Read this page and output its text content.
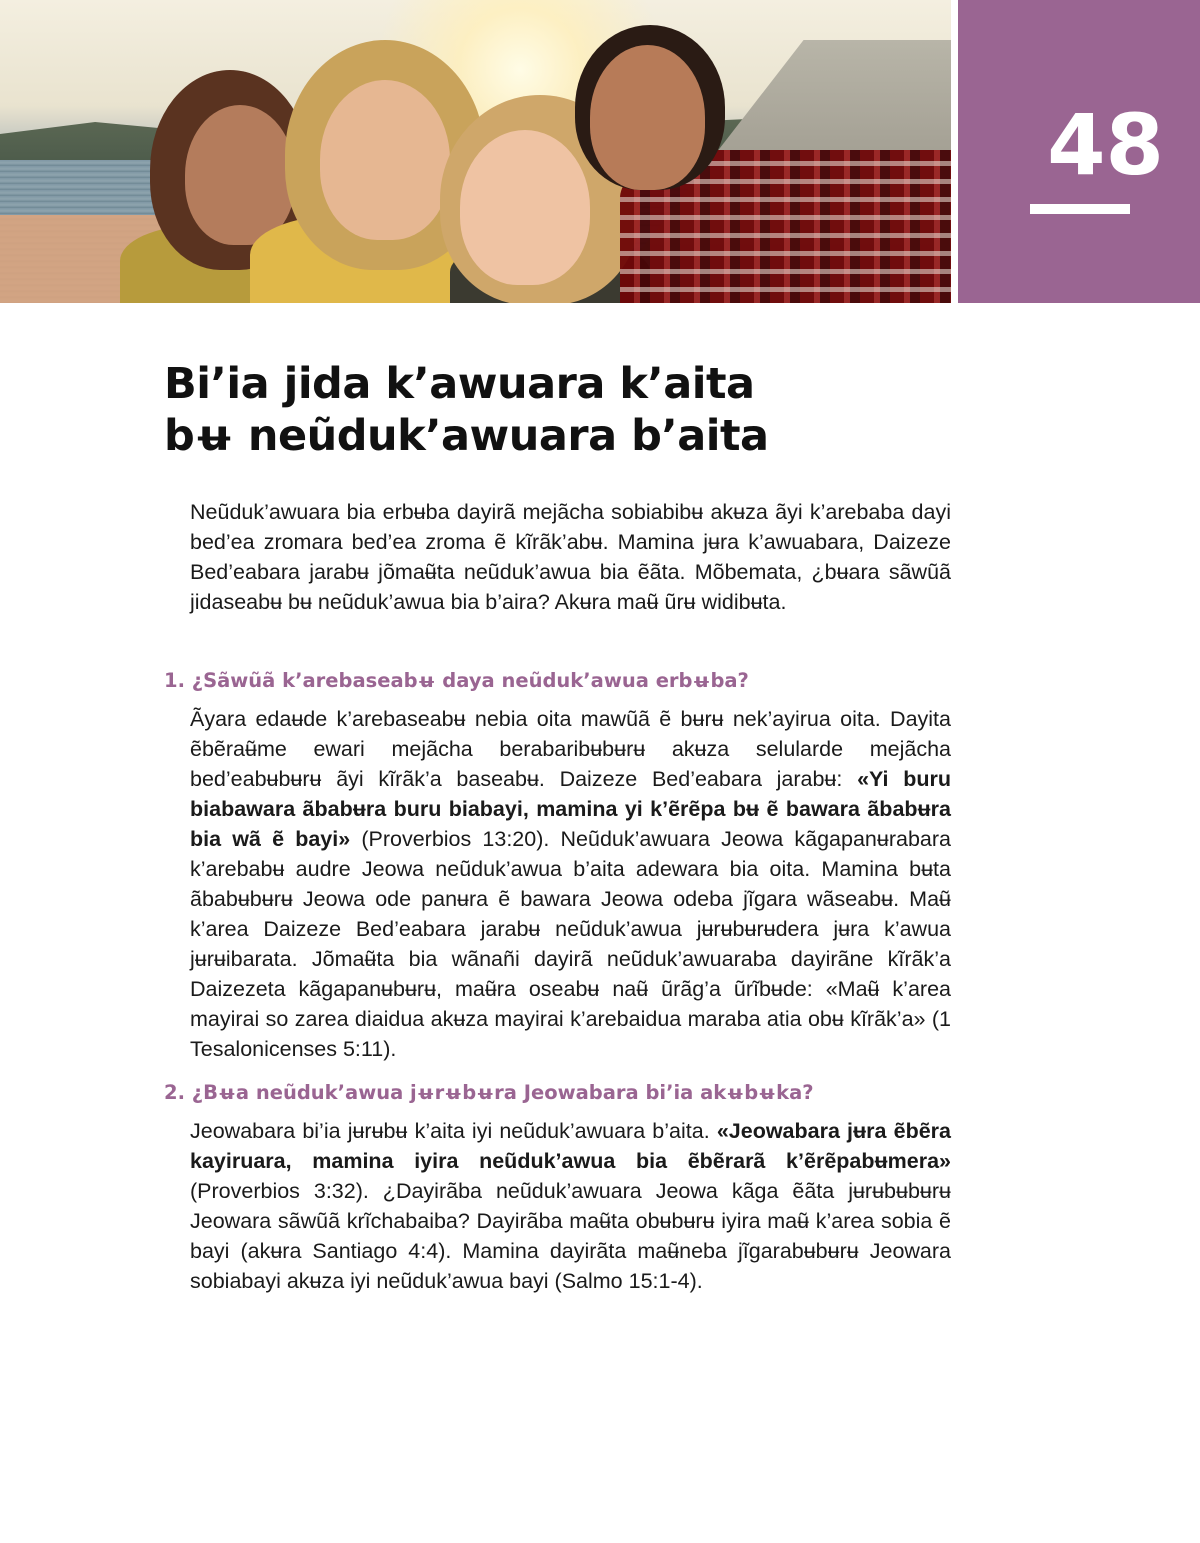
48
Bi’ia jida k’awuara k’aita
bʉ neũduk’awuara b’aita

Neũduk’awuara bia erbʉba dayirã mejãcha sobiabibʉ akʉza ãyi k’arebaba dayi bed’ea zromara bed’ea zroma ẽ kĩrãk’abʉ. Mamina jʉra k’awuabara, Daizeze Bed’eabara jarabʉ jõmaʉ̃ta neũduk’awua bia ẽãta. Mõbemata, ¿bʉara sãwũã jidaseabʉ bʉ neũduk’awua bia b’aira? Akʉra maʉ̃ ũrʉ widibʉta.

1. ¿Sãwũã k’arebaseabʉ daya neũduk’awua erbʉba?

Ãyara edaʉde k’arebaseabʉ nebia oita mawũã ẽ bʉrʉ nek’ayirua oita. Dayita ẽbẽraʉ̃me ewari mejãcha berabaribʉbʉrʉ akʉza selularde mejãcha bed’eabʉbʉrʉ ãyi kĩrãk’a baseabʉ. Daizeze Bed’eabara jarabʉ: «Yi buru biabawara ãbabʉra buru biabayi, mamina yi k’ẽrẽpa bʉ ẽ bawara ãbabʉra bia wã ẽ bayi» (Proverbios 13:20). Neũduk’awuara Jeowa kãgapanʉrabara k’arebabʉ audre Jeowa neũduk’awua b’aita adewara bia oita. Mamina bʉta ãbabʉbʉrʉ Jeowa ode panʉra ẽ bawara Jeowa odeba jĩgara wãseabʉ. Maʉ̃ k’area Daizeze Bed’eabara jarabʉ neũduk’awua jʉrʉbʉrʉdera jʉra k’awua jʉrʉibarata. Jõmaʉ̃ta bia wãnañi dayirã neũduk’awuaraba dayirãne kĩrãk’a Daizezeta kãgapanʉbʉrʉ, maʉ̃ra oseabʉ naʉ̃ ũrãg’a ũrĩbʉde: «Maʉ̃ k’area mayirai so zarea diaidua akʉza mayirai k’arebaidua maraba atia obʉ kĩrãk’a» (1 Tesalonicenses 5:11).

2. ¿Bʉa neũduk’awua jʉrʉbʉra Jeowabara bi’ia akʉbʉka?

Jeowabara bi’ia jʉrʉbʉ k’aita iyi neũduk’awuara b’aita. «Jeowabara jʉra ẽbẽra kayiruara, mamina iyira neũduk’awua bia ẽbẽrarã k’ẽrẽpabʉmera» (Proverbios 3:32). ¿Dayirãba neũduk’awuara Jeowa kãga ẽãta jʉrʉbʉbʉrʉ Jeowara sãwũã krĩchabaiba? Dayirãba maʉ̃ta obʉbʉrʉ iyira maʉ̃ k’area sobia ẽ bayi (akʉra Santiago 4:4). Mamina dayirãta maʉ̃neba jĩgarabʉbʉrʉ Jeowara sobiabayi akʉza iyi neũduk’awua bayi (Salmo 15:1-4).
